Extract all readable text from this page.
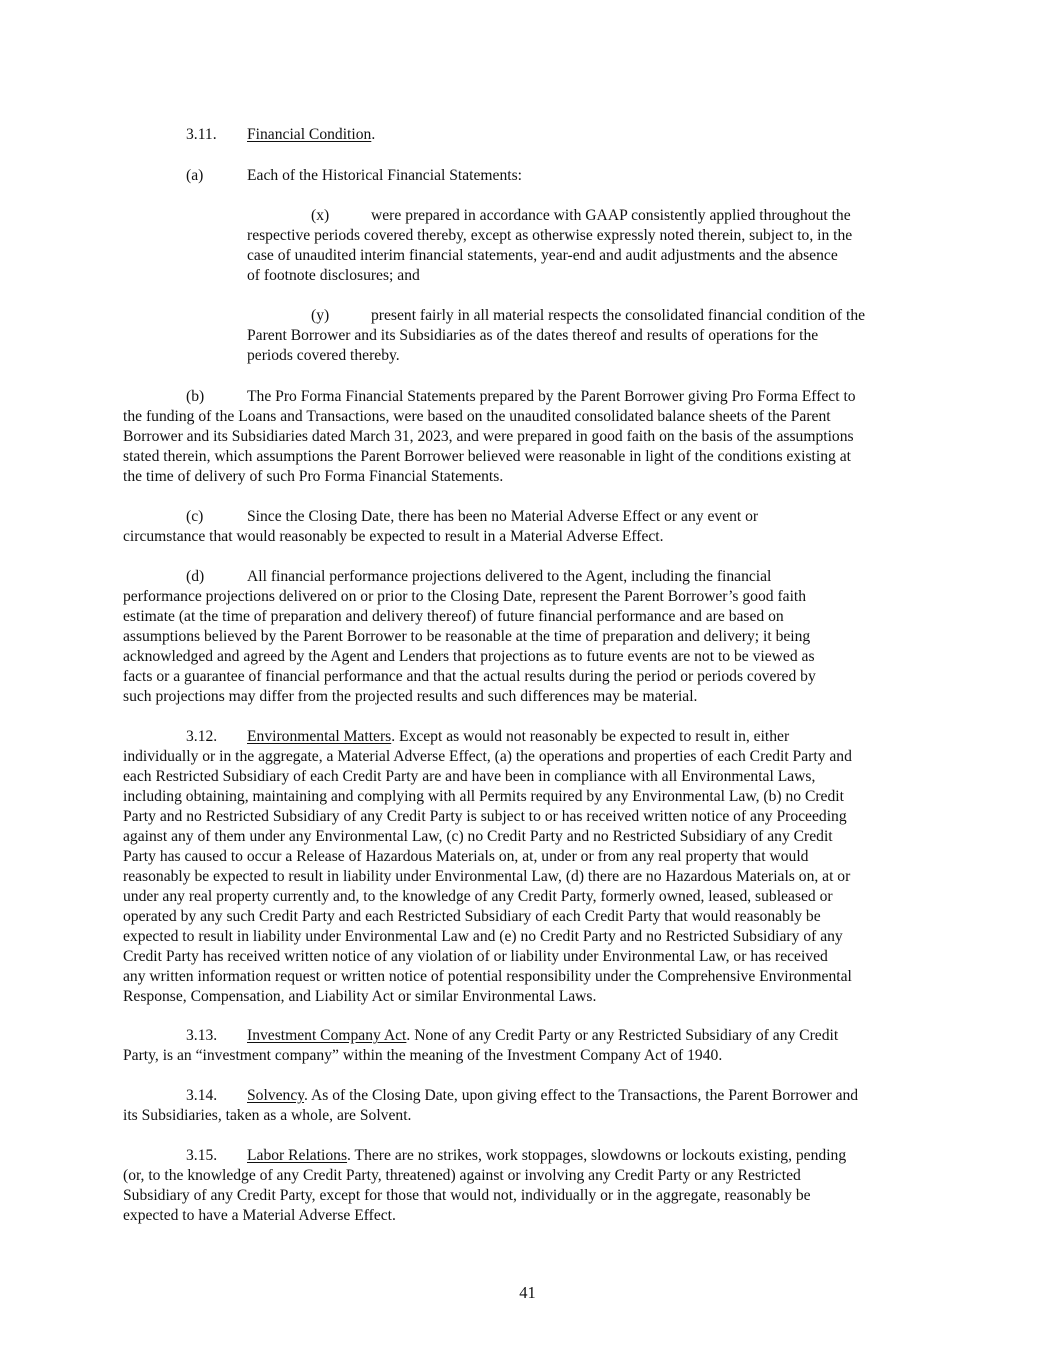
3.11. Financial Condition.
(a)	Each of the Historical Financial Statements:
(x)	were prepared in accordance with GAAP consistently applied throughout the
respective periods covered thereby, except as otherwise expressly noted therein, subject to, in the
case of unaudited interim financial statements, year-end and audit adjustments and the absence
of footnote disclosures; and
(y)	present fairly in all material respects the consolidated financial condition of the
Parent Borrower and its Subsidiaries as of the dates thereof and results of operations for the
periods covered thereby.
(b)	The Pro Forma Financial Statements prepared by the Parent Borrower giving Pro Forma Effect to
the funding of the Loans and Transactions, were based on the unaudited consolidated balance sheets of the Parent
Borrower and its Subsidiaries dated March 31, 2023, and were prepared in good faith on the basis of the assumptions
stated therein, which assumptions the Parent Borrower believed were reasonable in light of the conditions existing at
the time of delivery of such Pro Forma Financial Statements.
(c)	Since the Closing Date, there has been no Material Adverse Effect or any event or
circumstance that would reasonably be expected to result in a Material Adverse Effect.
(d)	All financial performance projections delivered to the Agent, including the financial
performance projections delivered on or prior to the Closing Date, represent the Parent Borrower’s good faith
estimate (at the time of preparation and delivery thereof) of future financial performance and are based on
assumptions believed by the Parent Borrower to be reasonable at the time of preparation and delivery; it being
acknowledged and agreed by the Agent and Lenders that projections as to future events are not to be viewed as
facts or a guarantee of financial performance and that the actual results during the period or periods covered by
such projections may differ from the projected results and such differences may be material.
3.12. Environmental Matters. Except as would not reasonably be expected to result in, either
individually or in the aggregate, a Material Adverse Effect, (a) the operations and properties of each Credit Party and
each Restricted Subsidiary of each Credit Party are and have been in compliance with all Environmental Laws,
including obtaining, maintaining and complying with all Permits required by any Environmental Law, (b) no Credit
Party and no Restricted Subsidiary of any Credit Party is subject to or has received written notice of any Proceeding
against any of them under any Environmental Law, (c) no Credit Party and no Restricted Subsidiary of any Credit
Party has caused to occur a Release of Hazardous Materials on, at, under or from any real property that would
reasonably be expected to result in liability under Environmental Law, (d) there are no Hazardous Materials on, at or
under any real property currently and, to the knowledge of any Credit Party, formerly owned, leased, subleased or
operated by any such Credit Party and each Restricted Subsidiary of each Credit Party that would reasonably be
expected to result in liability under Environmental Law and (e) no Credit Party and no Restricted Subsidiary of any
Credit Party has received written notice of any violation of or liability under Environmental Law, or has received
any written information request or written notice of potential responsibility under the Comprehensive Environmental
Response, Compensation, and Liability Act or similar Environmental Laws.
3.13. Investment Company Act. None of any Credit Party or any Restricted Subsidiary of any Credit
Party, is an “investment company” within the meaning of the Investment Company Act of 1940.
3.14. Solvency. As of the Closing Date, upon giving effect to the Transactions, the Parent Borrower and
its Subsidiaries, taken as a whole, are Solvent.
3.15. Labor Relations. There are no strikes, work stoppages, slowdowns or lockouts existing, pending
(or, to the knowledge of any Credit Party, threatened) against or involving any Credit Party or any Restricted
Subsidiary of any Credit Party, except for those that would not, individually or in the aggregate, reasonably be
expected to have a Material Adverse Effect.
41
